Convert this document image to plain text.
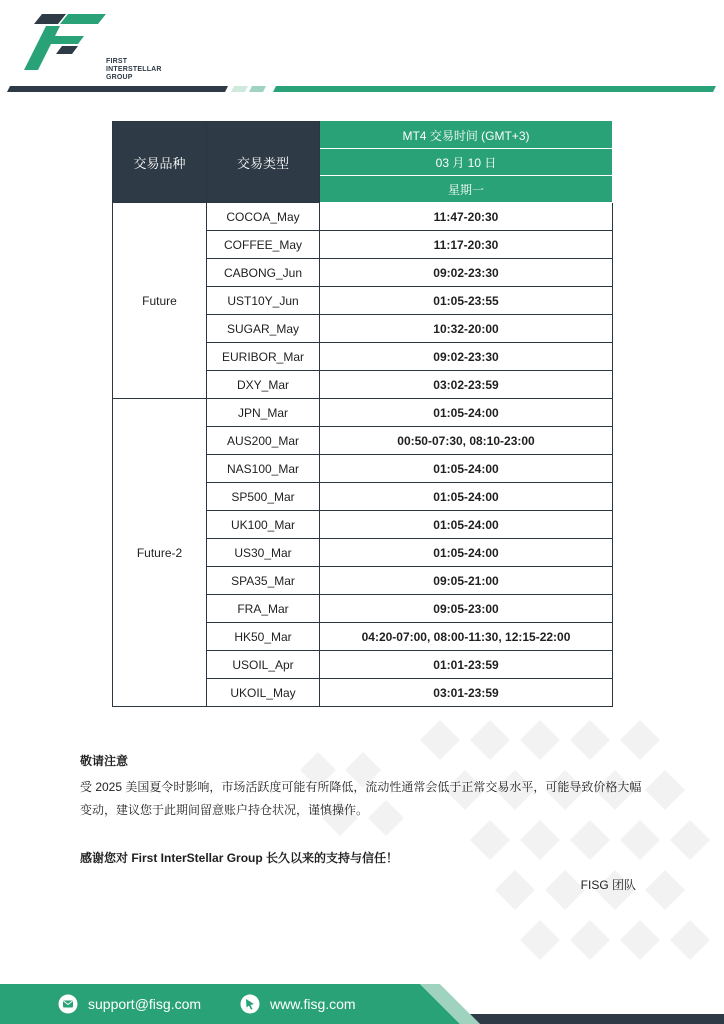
FIRST
INTERSTELLAR
GROUP
交易品种	交易类型	MT4 交易时间 (GMT+3)
		03 月 10 日
		星期一
Future	COCOA_May	11:47-20:30
	COFFEE_May	11:17-20:30
	CABONG_Jun	09:02-23:30
	UST10Y_Jun	01:05-23:55
	SUGAR_May	10:32-20:00
	EURIBOR_Mar	09:02-23:30
	DXY_Mar	03:02-23:59
Future-2	JPN_Mar	01:05-24:00
	AUS200_Mar	00:50-07:30, 08:10-23:00
	NAS100_Mar	01:05-24:00
	SP500_Mar	01:05-24:00
	UK100_Mar	01:05-24:00
	US30_Mar	01:05-24:00
	SPA35_Mar	09:05-21:00
	FRA_Mar	09:05-23:00
	HK50_Mar	04:20-07:00, 08:00-11:30, 12:15-22:00
	USOIL_Apr	01:01-23:59
	UKOIL_May	03:01-23:59
敬请注意
受 2025 美国夏令时影响，市场活跃度可能有所降低，流动性通常会低于正常交易水平，可能导致价格大幅变动，建议您于此期间留意账户持仓状况，谨慎操作。
感谢您对 First InterStellar Group 长久以来的支持与信任！
FISG 团队
support@fisg.com	www.fisg.com
